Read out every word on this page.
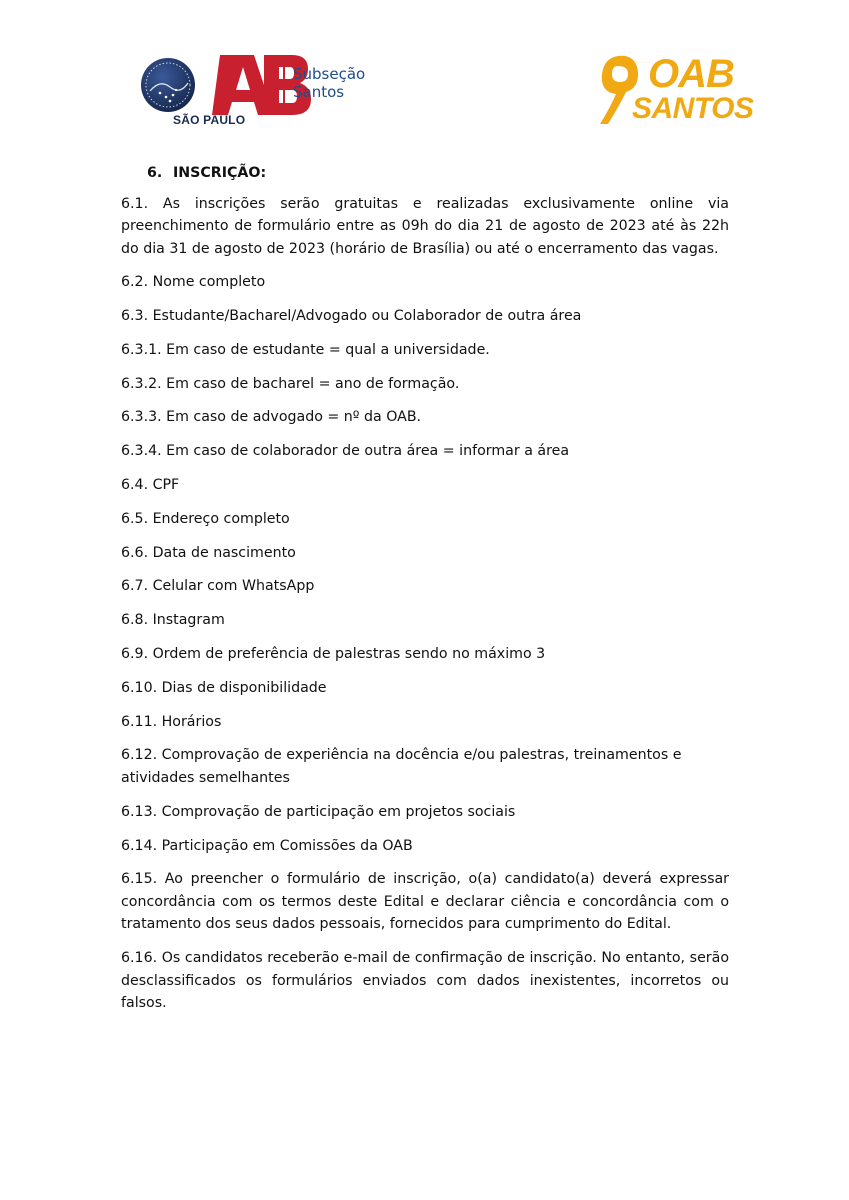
SÃO PAULO
Subseção
Santos
· · · · · · ·
OAB
SANTOS
6. INSCRIÇÃO:

6.1. As inscrições serão gratuitas e realizadas exclusivamente online via preenchimento de formulário entre as 09h do dia 21 de agosto de 2023 até às 22h do dia 31 de agosto de 2023 (horário de Brasília) ou até o encerramento das vagas.

6.2. Nome completo

6.3. Estudante/Bacharel/Advogado ou Colaborador de outra área

6.3.1. Em caso de estudante = qual a universidade.

6.3.2. Em caso de bacharel = ano de formação.

6.3.3. Em caso de advogado = nº da OAB.

6.3.4. Em caso de colaborador de outra área = informar a área

6.4. CPF

6.5. Endereço completo

6.6. Data de nascimento

6.7. Celular com WhatsApp

6.8. Instagram

6.9. Ordem de preferência de palestras sendo no máximo 3

6.10. Dias de disponibilidade

6.11. Horários

6.12. Comprovação de experiência na docência e/ou palestras, treinamentos e atividades semelhantes

6.13. Comprovação de participação em projetos sociais

6.14. Participação em Comissões da OAB

6.15. Ao preencher o formulário de inscrição, o(a) candidato(a) deverá expressar concordância com os termos deste Edital e declarar ciência e concordância com o tratamento dos seus dados pessoais, fornecidos para cumprimento do Edital.

6.16. Os candidatos receberão e-mail de confirmação de inscrição. No entanto, serão desclassificados os formulários enviados com dados inexistentes, incorretos ou falsos.
